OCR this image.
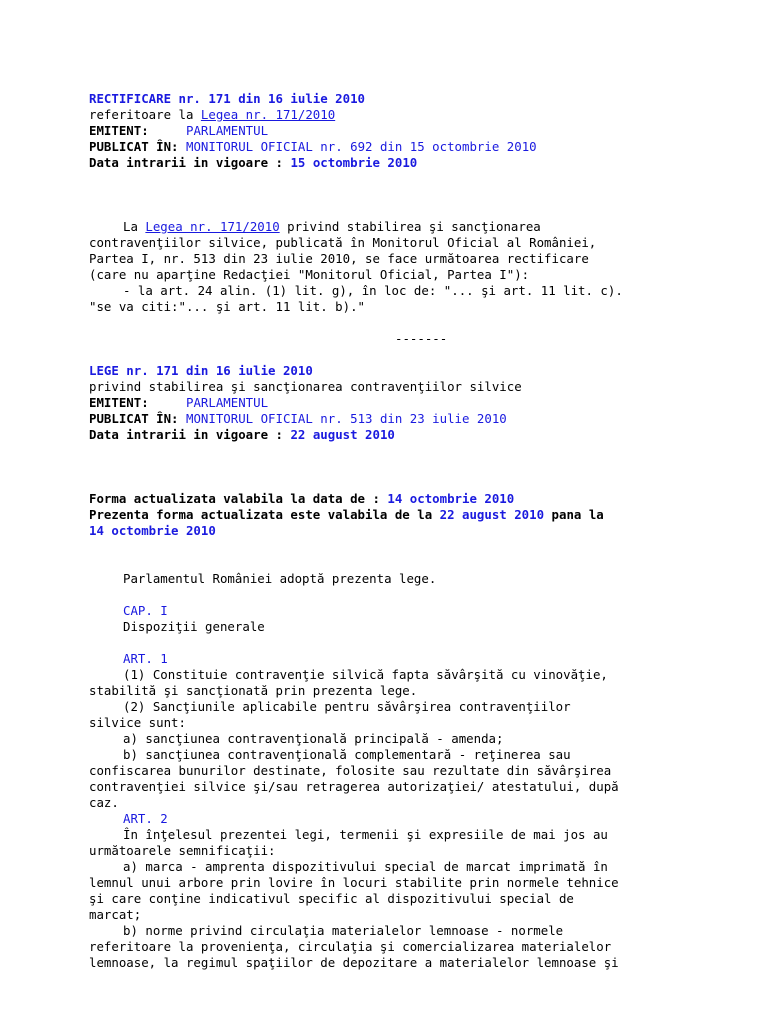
RECTIFICARE nr. 171 din 16 iulie 2010
referitoare la Legea nr. 171/2010
EMITENT:	PARLAMENTUL
PUBLICAT ÎN: MONITORUL OFICIAL nr. 692 din 15 octombrie 2010
Data intrarii in vigoare : 15 octombrie 2010
La Legea nr. 171/2010 privind stabilirea şi sancţionarea
contravenţiilor silvice, publicată în Monitorul Oficial al României,
Partea I, nr. 513 din 23 iulie 2010, se face următoarea rectificare
(care nu aparţine Redacţiei "Monitorul Oficial, Partea I"):
- la art. 24 alin. (1) lit. g), în loc de: "... şi art. 11 lit. c).
"se va citi:"... şi art. 11 lit. b)."
-------
LEGE nr. 171 din 16 iulie 2010
privind stabilirea şi sancţionarea contravenţiilor silvice
EMITENT:	PARLAMENTUL
PUBLICAT ÎN: MONITORUL OFICIAL nr. 513 din 23 iulie 2010
Data intrarii in vigoare : 22 august 2010
Forma actualizata valabila la data de : 14 octombrie 2010
Prezenta forma actualizata este valabila de la 22 august 2010 pana la
14 octombrie 2010
Parlamentul României adoptă prezenta lege.
CAP. I
Dispoziţii generale
ART. 1
(1) Constituie contravenţie silvică fapta săvârşită cu vinovăţie,
stabilită şi sancţionată prin prezenta lege.
(2) Sancţiunile aplicabile pentru săvârşirea contravenţiilor
silvice sunt:
a) sancţiunea contravenţională principală - amenda;
b) sancţiunea contravenţională complementară - reţinerea sau
confiscarea bunurilor destinate, folosite sau rezultate din săvârşirea
contravenţiei silvice şi/sau retragerea autorizaţiei/ atestatului, după
caz.
ART. 2
În înţelesul prezentei legi, termenii şi expresiile de mai jos au
următoarele semnificaţii:
a) marca - amprenta dispozitivului special de marcat imprimată în
lemnul unui arbore prin lovire în locuri stabilite prin normele tehnice
şi care conţine indicativul specific al dispozitivului special de
marcat;
b) norme privind circulaţia materialelor lemnoase - normele
referitoare la provenienţa, circulaţia şi comercializarea materialelor
lemnoase, la regimul spaţiilor de depozitare a materialelor lemnoase şi
